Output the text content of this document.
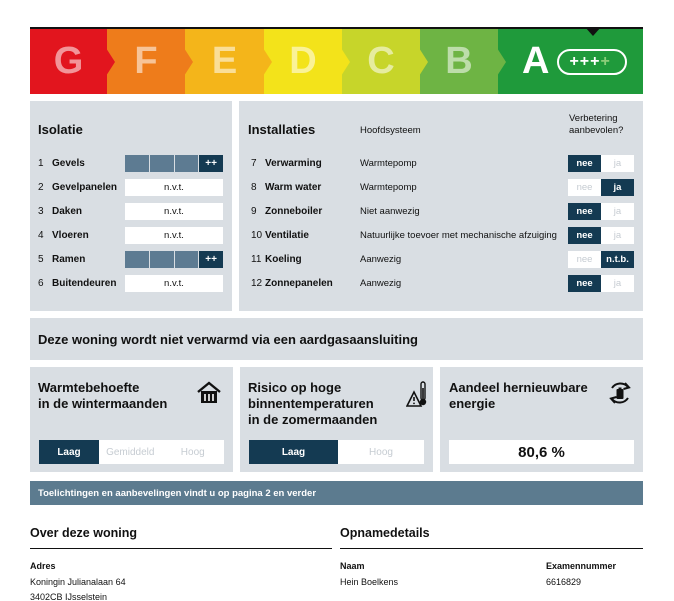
G F E D C B A +++ +
Isolatie
1 Gevels	++
2 Gevelpanelen	n.v.t.
3 Daken	n.v.t.
4 Vloeren	n.v.t.
5 Ramen	++
6 Buitendeuren	n.v.t.
Installaties	Hoofdsysteem
Verbetering aanbevolen?
7 Verwarming	Warmtepomp	nee	ja
8 Warm water	Warmtepomp	nee	ja
9 Zonneboiler	Niet aanwezig	nee	ja
10 Ventilatie	Natuurlijke toevoer met mechanische afzuiging	nee	ja
11 Koeling	Aanwezig	nee	n.t.b.
12 Zonnepanelen	Aanwezig	nee	ja
Deze woning wordt niet verwarmd via een aardgasaansluiting
Warmtebehoefte
in de wintermaanden
Laag	Gemiddeld	Hoog
Risico op hoge
binnentemperaturen
in de zomermaanden
Laag	Hoog
Aandeel hernieuwbare
energie
80,6 %
Toelichtingen en aanbevelingen vindt u op pagina 2 en verder
Over deze woning
Adres
Koningin Julianalaan 64
3402CB IJsselstein
Opnamedetails
Naam
Hein Boelkens
Examennummer
6616829
